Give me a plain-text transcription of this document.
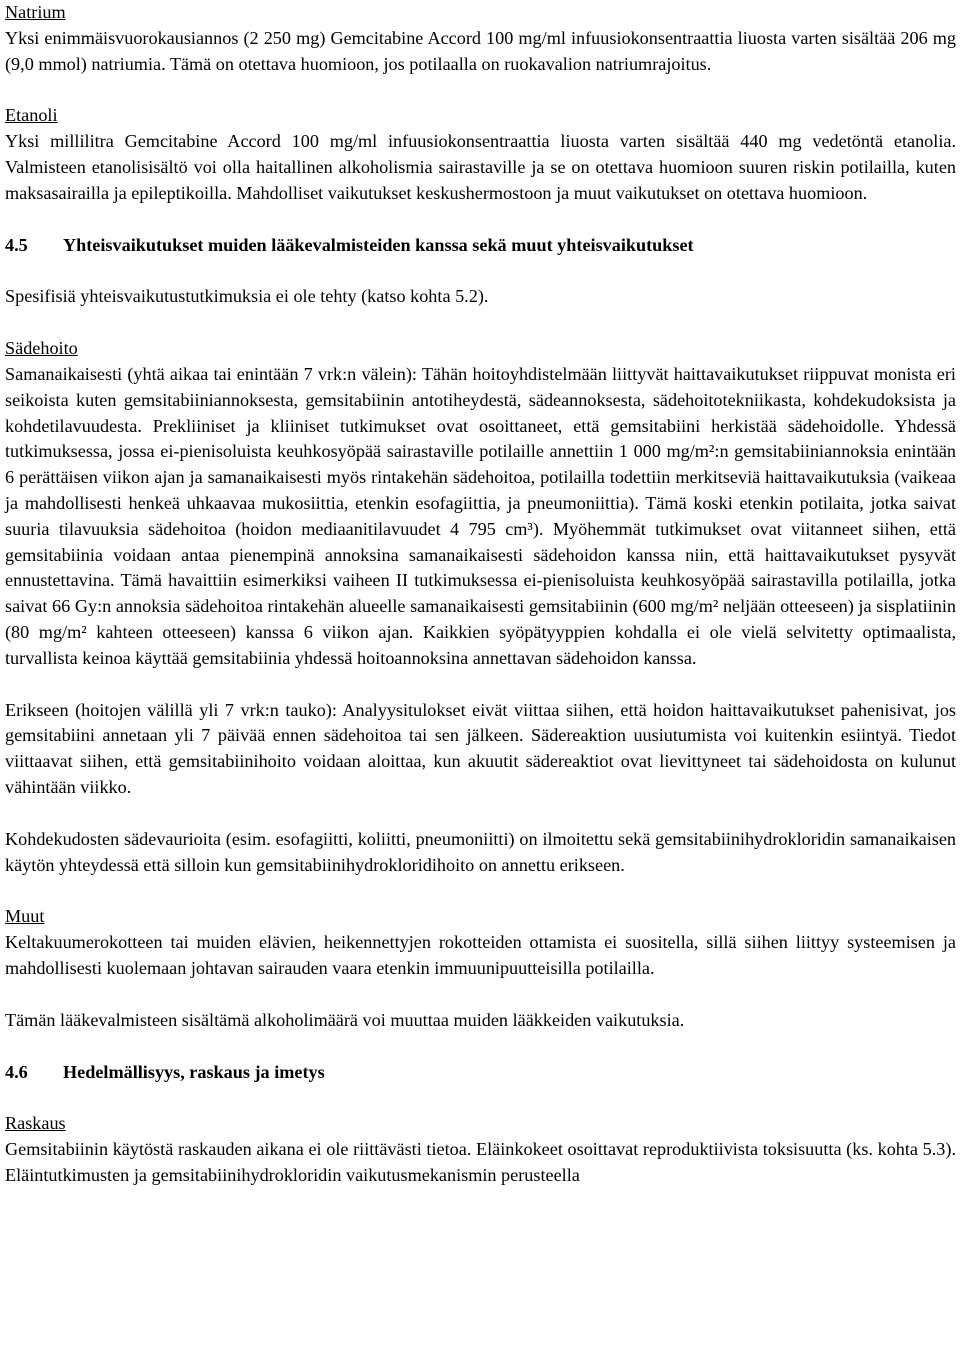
Natrium

Yksi enimmäisvuorokausiannos (2 250 mg) Gemcitabine Accord 100 mg/ml infuusiokonsentraattia liuosta varten sisältää 206 mg (9,0 mmol) natriumia. Tämä on otettava huomioon, jos potilaalla on ruokavalion natriumrajoitus.

Etanoli

Yksi millilitra Gemcitabine Accord 100 mg/ml infuusiokonsentraattia liuosta varten sisältää 440 mg vedetöntä etanolia. Valmisteen etanolisisältö voi olla haitallinen alkoholismia sairastaville ja se on otettava huomioon suuren riskin potilailla, kuten maksasairailla ja epileptikoilla. Mahdolliset vaikutukset keskushermostoon ja muut vaikutukset on otettava huomioon.

4.5 Yhteisvaikutukset muiden lääkevalmisteiden kanssa sekä muut yhteisvaikutukset

Spesifisiä yhteisvaikutustutkimuksia ei ole tehty (katso kohta 5.2).

Sädehoito

Samanaikaisesti (yhtä aikaa tai enintään 7 vrk:n välein): Tähän hoitoyhdistelmään liittyvät haittavaikutukset riippuvat monista eri seikoista kuten gemsitabiiniannoksesta, gemsitabiinin antotiheydestä, sädeannoksesta, sädehoitotekniikasta, kohdekudoksista ja kohdetilavuudesta. Prekliiniset ja kliiniset tutkimukset ovat osoittaneet, että gemsitabiini herkistää sädehoidolle. Yhdessä tutkimuksessa, jossa ei-pienisoluista keuhkosyöpää sairastaville potilaille annettiin 1 000 mg/m²:n gemsitabiiniannoksia enintään 6 perättäisen viikon ajan ja samanaikaisesti myös rintakehän sädehoitoa, potilailla todettiin merkitseviä haittavaikutuksia (vaikeaa ja mahdollisesti henkeä uhkaavaa mukosiittia, etenkin esofagiittia, ja pneumoniittia). Tämä koski etenkin potilaita, jotka saivat suuria tilavuuksia sädehoitoa (hoidon mediaanitilavuudet 4 795 cm³). Myöhemmät tutkimukset ovat viitanneet siihen, että gemsitabiinia voidaan antaa pienempinä annoksina samanaikaisesti sädehoidon kanssa niin, että haittavaikutukset pysyvät ennustettavina. Tämä havaittiin esimerkiksi vaiheen II tutkimuksessa ei-pienisoluista keuhkosyöpää sairastavilla potilailla, jotka saivat 66 Gy:n annoksia sädehoitoa rintakehän alueelle samanaikaisesti gemsitabiinin (600 mg/m² neljään otteeseen) ja sisplatiinin (80 mg/m² kahteen otteeseen) kanssa 6 viikon ajan. Kaikkien syöpätyyppien kohdalla ei ole vielä selvitetty optimaalista, turvallista keinoa käyttää gemsitabiinia yhdessä hoitoannoksina annettavan sädehoidon kanssa.

Erikseen (hoitojen välillä yli 7 vrk:n tauko): Analyysitulokset eivät viittaa siihen, että hoidon haittavaikutukset pahenisivat, jos gemsitabiini annetaan yli 7 päivää ennen sädehoitoa tai sen jälkeen. Sädereaktion uusiutumista voi kuitenkin esiintyä. Tiedot viittaavat siihen, että gemsitabiinihoito voidaan aloittaa, kun akuutit sädereaktiot ovat lievittyneet tai sädehoidosta on kulunut vähintään viikko.

Kohdekudosten sädevaurioita (esim. esofagiitti, koliitti, pneumoniitti) on ilmoitettu sekä gemsitabiinihydrokloridin samanaikaisen käytön yhteydessä että silloin kun gemsitabiinihydrokloridihoito on annettu erikseen.

Muut

Keltakuumerokotteen tai muiden elävien, heikennettyjen rokotteiden ottamista ei suositella, sillä siihen liittyy systeemisen ja mahdollisesti kuolemaan johtavan sairauden vaara etenkin immuunipuutteisilla potilailla.

Tämän lääkevalmisteen sisältämä alkoholimäärä voi muuttaa muiden lääkkeiden vaikutuksia.

4.6 Hedelmällisyys, raskaus ja imetys
Raskaus

Gemsitabiinin käytöstä raskauden aikana ei ole riittävästi tietoa. Eläinkokeet osoittavat reproduktiivista toksisuutta (ks. kohta 5.3). Eläintutkimusten ja gemsitabiinihydrokloridin vaikutusmekanismin perusteella
